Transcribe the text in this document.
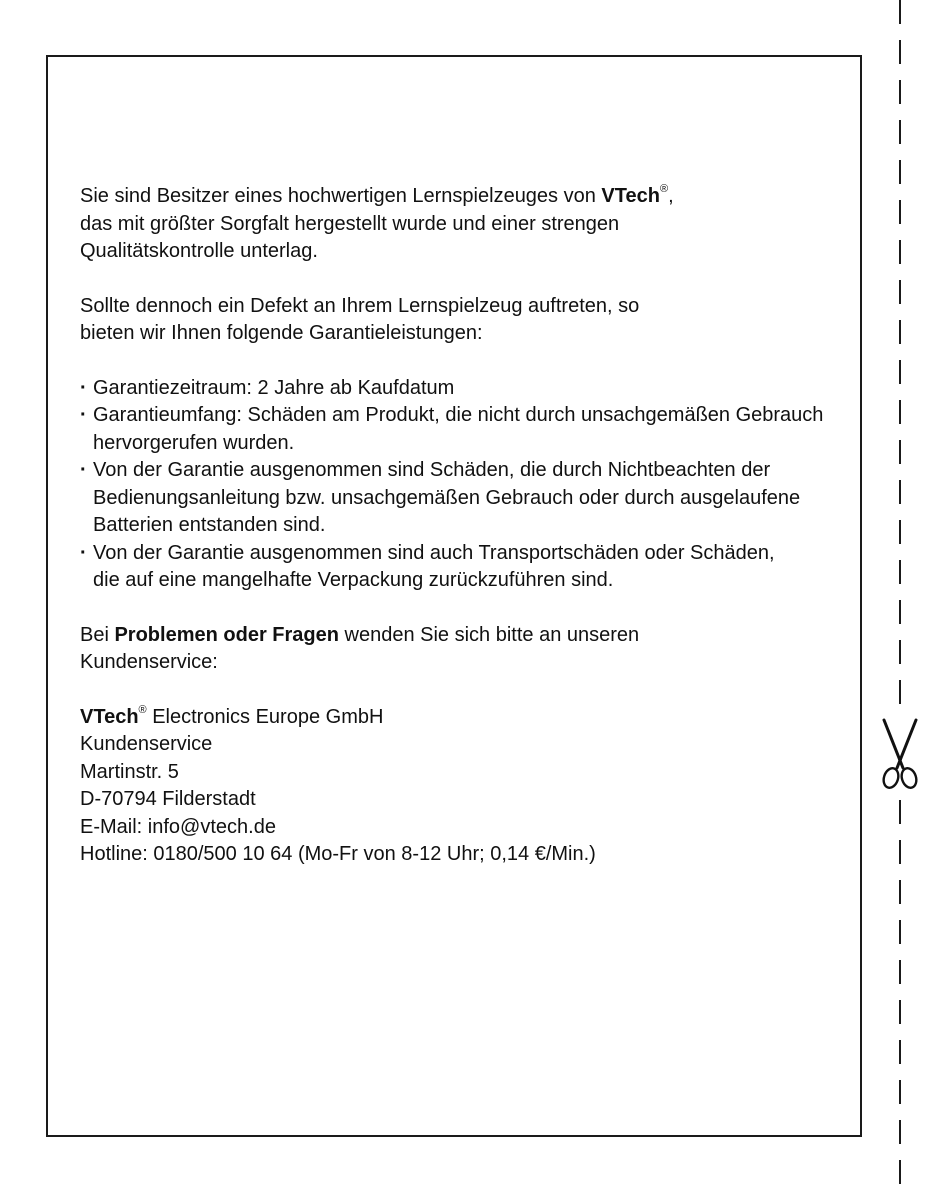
Sie sind Besitzer eines hochwertigen Lernspielzeuges von VTech®,
das mit größter Sorgfalt hergestellt wurde und einer strengen
Qualitätskontrolle unterlag.

Sollte dennoch ein Defekt an Ihrem Lernspielzeug auftreten, so
bieten wir Ihnen folgende Garantieleistungen:

· Garantiezeitraum: 2 Jahre ab Kaufdatum
· Garantieumfang: Schäden am Produkt, die nicht durch unsachgemäßen Gebrauch hervorgerufen wurden.
· Von der Garantie ausgenommen sind Schäden, die durch Nichtbeachten der Bedienungsanleitung bzw. unsachgemäßen Gebrauch oder durch ausgelaufene Batterien entstanden sind.
· Von der Garantie ausgenommen sind auch Transportschäden oder Schäden, die auf eine mangelhafte Verpackung zurückzuführen sind.

Bei Problemen oder Fragen wenden Sie sich bitte an unseren
Kundenservice:

VTech® Electronics Europe GmbH

Kundenservice

Martinstr. 5

D-70794 Filderstadt

E-Mail: info@vtech.de

Hotline: 0180/500 10 64 (Mo-Fr von 8-12 Uhr; 0,14 €/Min.)
